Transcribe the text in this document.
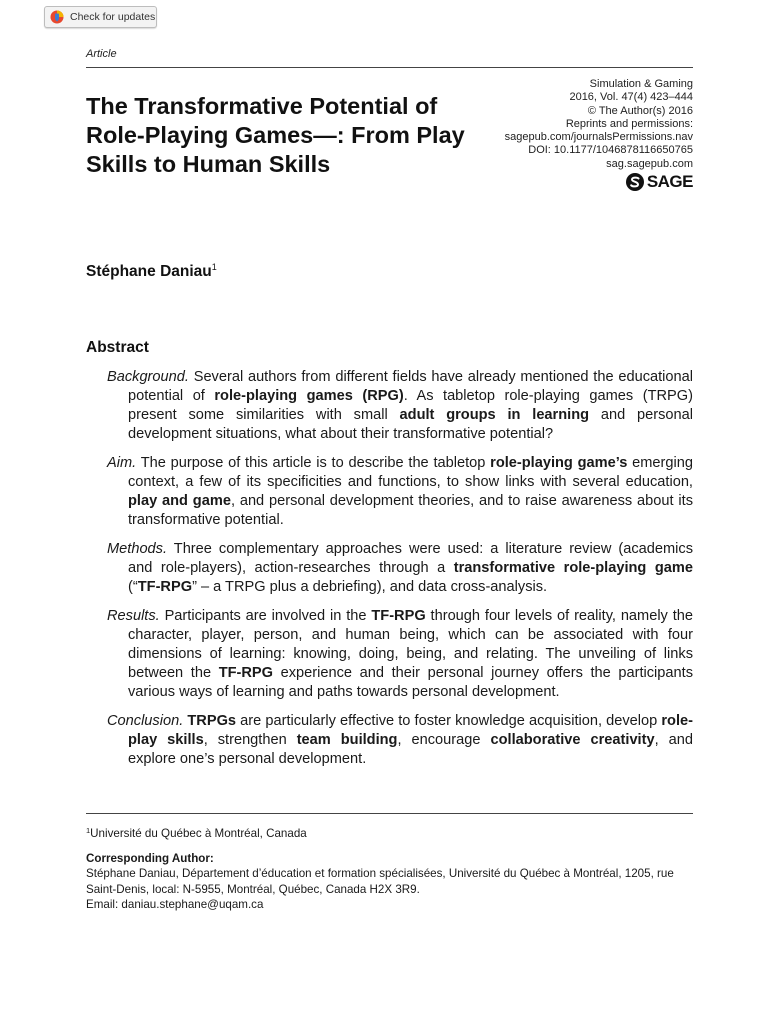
Check for updates
Article
The Transformative Potential of Role-Playing Games—: From Play Skills to Human Skills
Simulation & Gaming
2016, Vol. 47(4) 423–444
© The Author(s) 2016
Reprints and permissions:
sagepub.com/journalsPermissions.nav
DOI: 10.1177/1046878116650765
sag.sagepub.com
SAGE
Stéphane Daniau$^1$
Abstract

Background. Several authors from different fields have already mentioned the educational potential of role-playing games (RPG). As tabletop role-playing games (TRPG) present some similarities with small adult groups in learning and personal development situations, what about their transformative potential?

Aim. The purpose of this article is to describe the tabletop role-playing game’s emerging context, a few of its specificities and functions, to show links with several education, play and game, and personal development theories, and to raise awareness about its transformative potential.

Methods. Three complementary approaches were used: a literature review (academics and role-players), action-researches through a transformative role-playing game (“TF-RPG” – a TRPG plus a debriefing), and data cross-analysis.

Results. Participants are involved in the TF-RPG through four levels of reality, namely the character, player, person, and human being, which can be associated with four dimensions of learning: knowing, doing, being, and relating. The unveiling of links between the TF-RPG experience and their personal journey offers the participants various ways of learning and paths towards personal development.

Conclusion. TRPGs are particularly effective to foster knowledge acquisition, develop role-play skills, strengthen team building, encourage collaborative creativity, and explore one’s personal development.

$^1$Université du Québec à Montréal, Canada
Corresponding Author:
Stéphane Daniau, Département d’éducation et formation spécialisées, Université du Québec à Montréal, 1205, rue Saint-Denis, local: N-5955, Montréal, Québec, Canada H2X 3R9.
Email: daniau.stephane@uqam.ca
